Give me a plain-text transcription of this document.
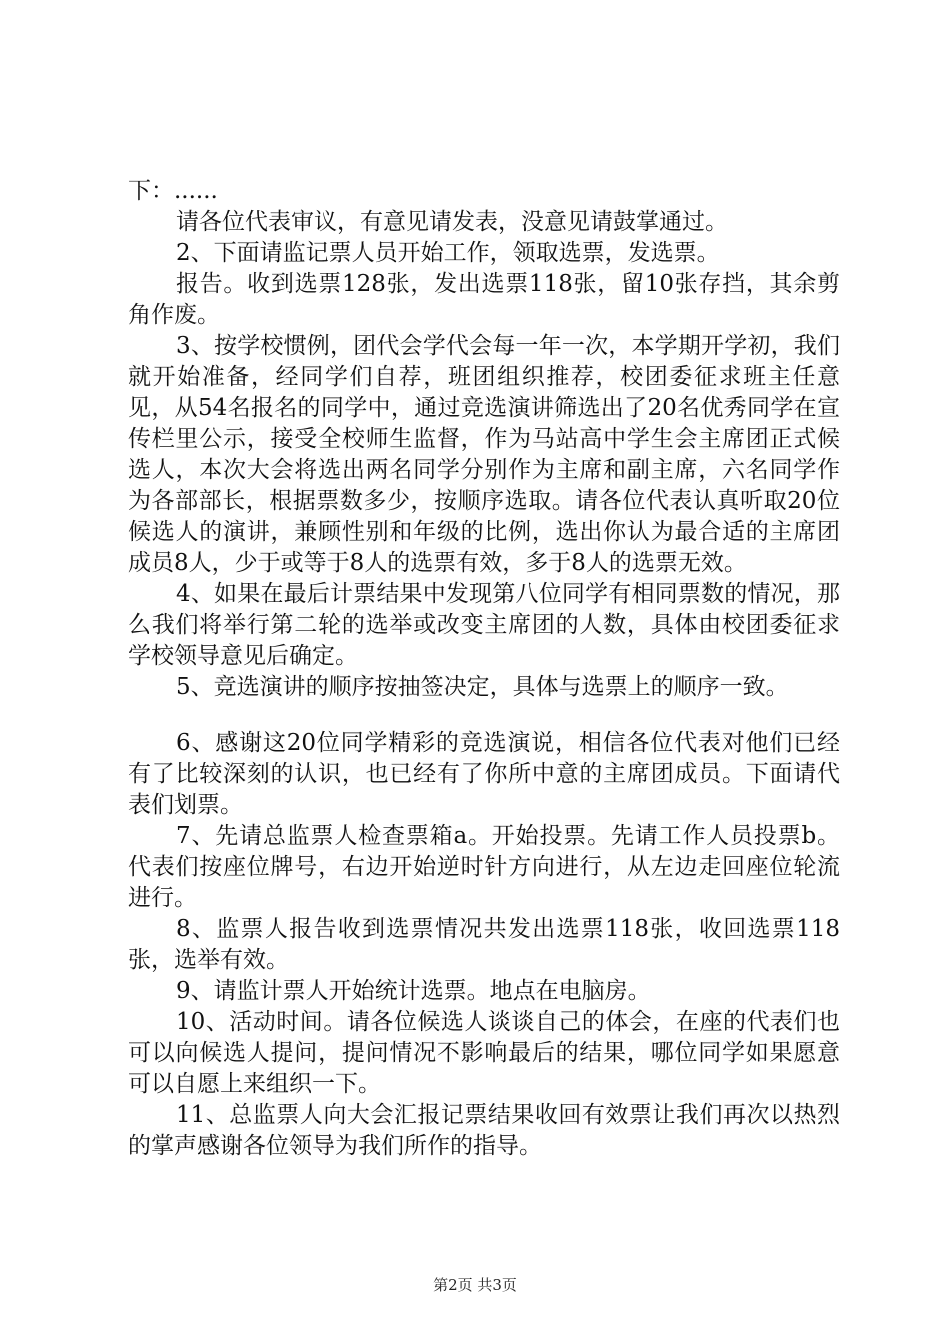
下：......

请各位代表审议，有意见请发表，没意见请鼓掌通过。

2、下面请监记票人员开始工作，领取选票，发选票。

报告。收到选票128张，发出选票118张，留10张存挡，其余剪角作废。

3、按学校惯例，团代会学代会每一年一次，本学期开学初，我们就开始准备，经同学们自荐，班团组织推荐，校团委征求班主任意见，从54名报名的同学中，通过竞选演讲筛选出了20名优秀同学在宣传栏里公示，接受全校师生监督，作为马站高中学生会主席团正式候选人，本次大会将选出两名同学分别作为主席和副主席，六名同学作为各部部长，根据票数多少，按顺序选取。请各位代表认真听取20位候选人的演讲，兼顾性别和年级的比例，选出你认为最合适的主席团成员8人，少于或等于8人的选票有效，多于8人的选票无效。

4、如果在最后计票结果中发现第八位同学有相同票数的情况，那么我们将举行第二轮的选举或改变主席团的人数，具体由校团委征求学校领导意见后确定。

5、竞选演讲的顺序按抽签决定，具体与选票上的顺序一致。

6、感谢这20位同学精彩的竞选演说，相信各位代表对他们已经有了比较深刻的认识，也已经有了你所中意的主席团成员。下面请代表们划票。

7、先请总监票人检查票箱a。开始投票。先请工作人员投票b。代表们按座位牌号，右边开始逆时针方向进行，从左边走回座位轮流进行。

8、监票人报告收到选票情况共发出选票118张，收回选票118张，选举有效。

9、请监计票人开始统计选票。地点在电脑房。

10、活动时间。请各位候选人谈谈自己的体会，在座的代表们也可以向候选人提问，提问情况不影响最后的结果，哪位同学如果愿意可以自愿上来组织一下。

11、总监票人向大会汇报记票结果收回有效票让我们再次以热烈的掌声感谢各位领导为我们所作的指导。

第2页 共3页
